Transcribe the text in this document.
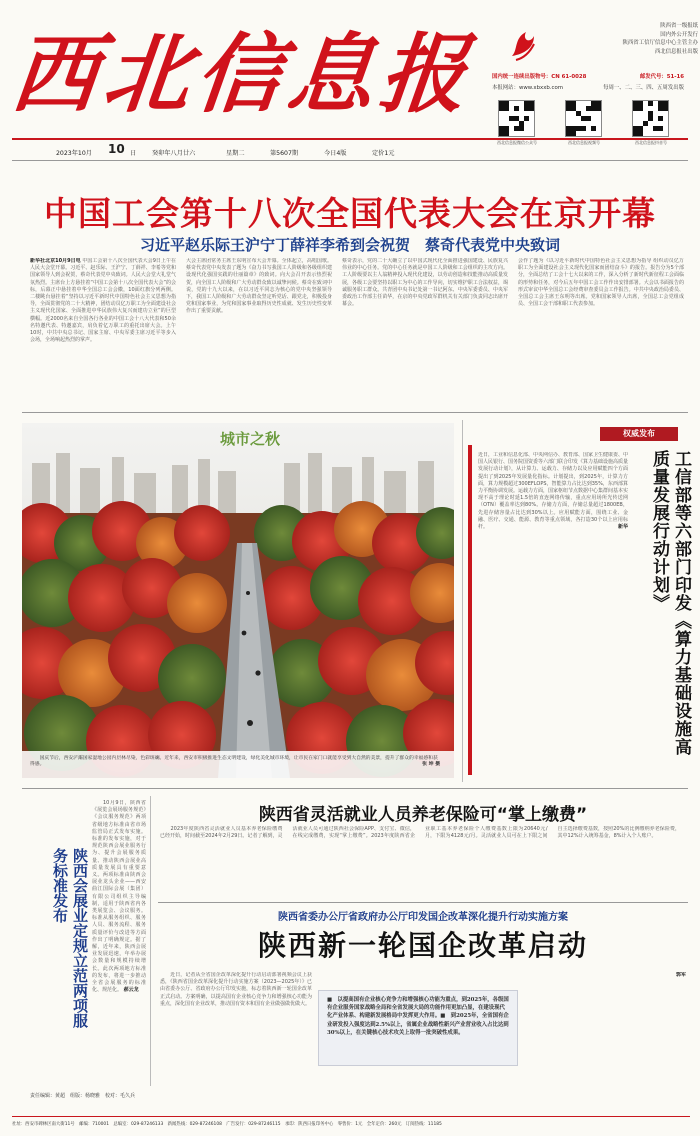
西北信息报	陕西省一级报纸
国内外公开发行
陕西省工信厅信息中心主管主办
西北信息报社出版
国内统一连续出版物号：CN 61-0028	邮发代号：51-16
本报网站：www.xbxxb.com	每周一、二、三、四、五周发出版
西北信息报微信公众号	西北信息报视频号	西北信息报抖音号
2023年10月 10 日	癸卯年八月廿六	星期二	第5607期	今日4版	定价1元
中国工会第十八次全国代表大会在京开幕
习近平赵乐际王沪宁丁薛祥李希到会祝贺　蔡奇代表党中央致词
新华社北京10月9日电 中国工会第十八次全国代表大会9日上午在人民大会堂开幕。习近平、赵乐际、王沪宁、丁薛祥、李希等党和国家领导人到会祝贺，蔡奇代表党中央致词。人民大会堂大礼堂气氛热烈。主席台上方悬挂着“中国工会第十八次全国代表大会”的会标，后幕正中悬挂着中华全国总工会会徽，10面红旗分列两侧。二楼眺台悬挂着“坚持以习近平新时代中国特色社会主义思想为指导，全面贯彻党的二十大精神，团结动员亿万职工为全面建设社会主义现代化国家、全面推进中华民族伟大复兴而建功立业”的巨型横幅。近2000名来自全国各行各业的中国工会十八大代表和50余名特邀代表、特邀嘉宾，肩负着亿万职工的重托出席大会。上午10时，中共中央总书记、国家主席、中央军委主席习近平等步入会场，全场响起热烈的掌声。
大会主席团常务主席王东明宣布大会开幕。全体起立，高唱国歌。蔡奇代表党中央发表了题为《奋力书写我国工人阶级和各级组织建设现代化强国实践的壮丽篇章》的致词。向大会召开表示热烈祝贺，向全国工人阶级和广大劳动群众致以诚挚问候。蔡奇在致词中说，党的十九大以来，在以习近平同志为核心的党中央坚强领导下，我国工人阶级和广大劳动群众坚定听党话、跟党走，积极投身党和国家事业，为党和国家事业取得历史性成就、发生历史性变革作出了重要贡献。
蔡奇表示，党的二十大确立了以中国式现代化全面推进强国建设、民族复兴伟业的中心任务。党的中心任务就是中国工人阶级和工会组织的主攻方向。工人阶级要以主人翁精神投入现代化建设，以劳动创造和技能推动高质量发展，各级工会要坚持以职工为中心的工作导向，切实维护职工合法权益，竭诚服务职工群众。共青团中央书记处第一书记阿东、中央军委委员、中央军委政治工作部主任苗华，在京的中央党政军群机关有关部门负责同志出席开幕会。
会作了题为《以习近平新时代中国特色社会主义思想为指导 组织动员亿万职工为全面建设社会主义现代化国家而团结奋斗》的报告。报告分为5个部分，全面总结了工会十七大以来的工作，深入分析了新时代新征程工会面临的形势和任务，对今后五年中国工会工作作出安排部署。大会以书面报告的形式审议中华全国总工会经费审查委员会工作报告。中共中央政治局委员、全国总工会主席王东明等出席。党和国家领导人出席，全国总工会党组成员、全国工会干部和职工代表参加。
城市之秋
　　国庆节后，西安浐灞国家湿地公园内层林尽染，色彩斑斓。近年来，西安市积极推进生态文明建设，绿化美化城市环境，让市民在家门口就能享受到大自然的美景，提升了群众的幸福感和获得感。	张 坤 摄
权威发布
近日，工业和信息化部、中央网信办、教育部、国家卫生健康委、中国人民银行、国务院国资委等六部门联合印发《算力基础设施高质量发展行动计划》，从计算力、运载力、存储力以及应用赋能四个方面提出了到2025年发展量化指标。计划提出，到2025年，计算力方面，算力规模超过300EFLOPS，智能算力占比达到35%，东西部算力平衡协调发展。运载力方面，国家枢纽节点数据中心集群间基本实现不高于理论时延1.5倍的直连网络传输，重点应用场所光传送网（OTN）覆盖率达到80%。存储力方面，存储总量超过1800EB，先进存储容量占比达到30%以上。应用赋能方面，围绕工业、金融、医疗、交通、能源、教育等重点领域，各打造30个以上应用标杆。	新华	工信部等六部门印发《算力基础设施高质量发展行动计划》
　　10月9日，陕西省《展览会展场服务规范》《会议服务规范》两项省级地方标准由省市场监管局正式发布实施。标准的发布实施，对于规范陕西会展业服务行为、提升会展服务质量、推动陕西会展业高质量发展具有重要意义。两项标准由陕西会展业龙头企业——西安曲江国际会展（集团）有限公司组织主导编制，适用于陕西省内各类展览会、会议服务。标准从服务组织、服务人员、服务流程、服务质量评价与改进等方面作出了明确规定。据了解，近年来，陕西会展业发展迅速，年举办展会数量和规模持续增长。此次两项地方标准的发布，将进一步推动全省会展服务的标准化、规范化。 郝云龙
陕西会展业定规立范两项服务标准发布
陕西省灵活就业人员养老保险可“掌上缴费”
　　2023年度陕西省灵活就业人员基本养老保险缴费已经开始，时间截至2024年2月29日。记者了解到，灵活就业人员可通过陕西社会保险APP、支付宝、微信，在线完成缴费，实现“掌上缴费”。2023年度陕西省企业职工基本养老保险个人缴费基数上限为20640元/月，下限为4128元/月。灵活就业人员可在上下限之间自主选择缴费基数，按照20%的比例缴纳养老保险费，其中12%计入统筹基金，8%计入个人账户。
陕西省委办公厅省政府办公厅印发国企改革深化提升行动实施方案
陕西新一轮国企改革启动
　　近日，记者从全省国企改革深化提升行动启动部署视频会议上获悉，《陕西省国企改革深化提升行动实施方案（2023—2025年）》已由省委办公厅、省政府办公厅印发实施，标志着陕西新一轮国企改革正式启动。方案明确，以提高国有企业核心竞争力和增强核心功能为重点，深化国有企业改革，推动国有资本和国有企业做强做优做大。
■　以提高国有企业核心竞争力和增强核心功能为重点，到2025年，各级国有企业服务国家战略全局和全省发展大局的功能作用更加凸显，在建设现代化产业体系、构建新发展格局中发挥更大作用。■　到2025年，全省国有企业研发投入强度达到2.5%以上，省属企业战略性新兴产业营业收入占比达到30%以上，在关键核心技术攻关上取得一批突破性成果。
郭军
责任编辑：黄超　组版：杨晓雅　校对：毛久兵
社址：西安市碑林区南大街11号　邮编：710001　总编室：029-87246133　新闻热线：029-87246108　广告发行：029-87246115　承印：陕西日报印务中心　零售价：1元　全年定价：260元　订阅热线：11185
